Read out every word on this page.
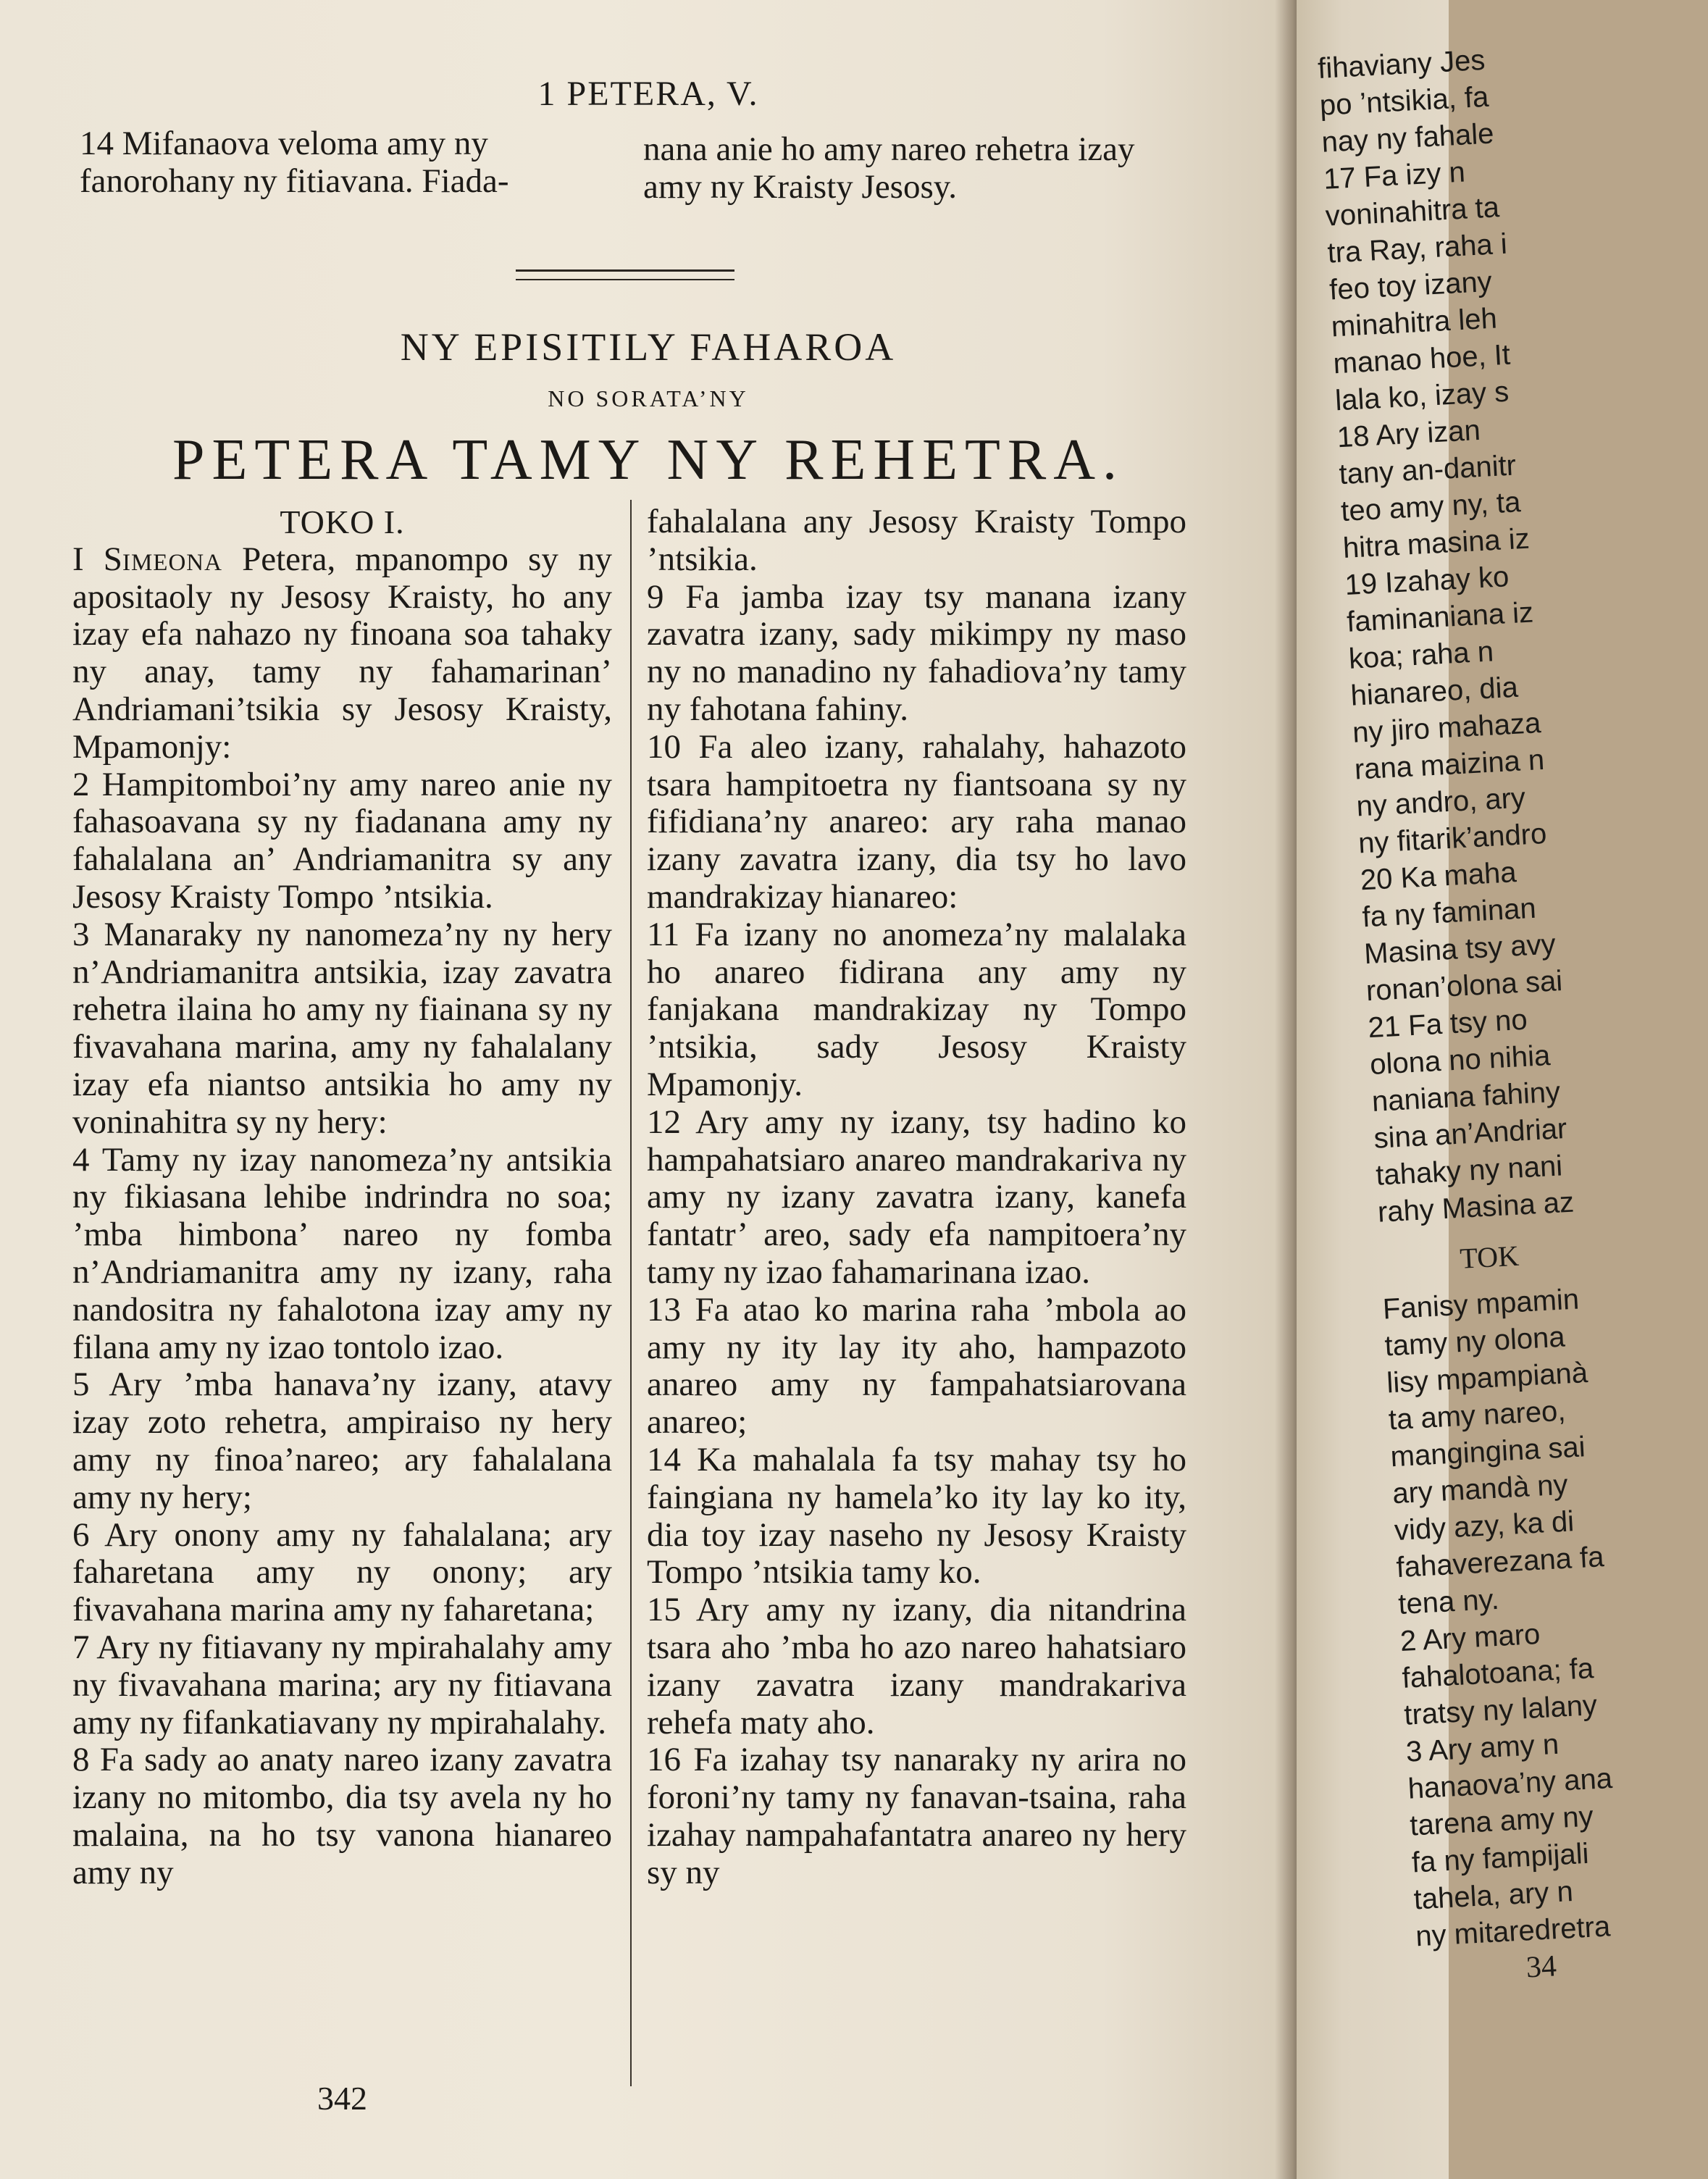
1 PETERA, V.
14 Mifanaova veloma amy ny fanorohany ny fitiavana. Fiada-
nana anie ho amy nareo rehetra izay amy ny Kraisty Jesosy.
NY EPISITILY FAHAROA
NO SORATA’NY
PETERA TAMY NY REHETRA.
TOKO I.

I Simeona Petera, mpanompo sy ny apositaoly ny Jesosy Kraisty, ho any izay efa nahazo ny finoana soa tahaky ny anay, tamy ny fahamarinan’ Andriamani’tsikia sy Jesosy Kraisty, Mpamonjy:

2 Hampitomboi’ny amy nareo anie ny fahasoavana sy ny fiadanana amy ny fahalalana an’ Andriamanitra sy any Jesosy Kraisty Tompo ’ntsikia.

3 Manaraky ny nanomeza’ny ny hery n’Andriamanitra antsikia, izay zavatra rehetra ilaina ho amy ny fiainana sy ny fivavahana marina, amy ny fahalalany izay efa niantso antsikia ho amy ny voninahitra sy ny hery:

4 Tamy ny izay nanomeza’ny antsikia ny fikiasana lehibe indrindra no soa; ’mba himbona’ nareo ny fomba n’Andriamanitra amy ny izany, raha nandositra ny fahalotona izay amy ny filana amy ny izao tontolo izao.

5 Ary ’mba hanava’ny izany, atavy izay zoto rehetra, ampiraiso ny hery amy ny finoa’nareo; ary fahalalana amy ny hery;

6 Ary onony amy ny fahalalana; ary faharetana amy ny onony; ary fivavahana marina amy ny faharetana;

7 Ary ny fitiavany ny mpirahalahy amy ny fivavahana marina; ary ny fitiavana amy ny fifankatiavany ny mpirahalahy.

8 Fa sady ao anaty nareo izany zavatra izany no mitombo, dia tsy avela ny ho malaina, na ho tsy vanona hianareo amy ny

fahalalana any Jesosy Kraisty Tompo ’ntsikia.

9 Fa jamba izay tsy manana izany zavatra izany, sady mikimpy ny maso ny no manadino ny fahadiova’ny tamy ny fahotana fahiny.

10 Fa aleo izany, rahalahy, hahazoto tsara hampitoetra ny fiantsoana sy ny fifidiana’ny anareo: ary raha manao izany zavatra izany, dia tsy ho lavo mandrakizay hianareo:

11 Fa izany no anomeza’ny malalaka ho anareo fidirana any amy ny fanjakana mandrakizay ny Tompo ’ntsikia, sady Jesosy Kraisty Mpamonjy.

12 Ary amy ny izany, tsy hadino ko hampahatsiaro anareo mandrakariva ny amy ny izany zavatra izany, kanefa fantatr’ areo, sady efa nampitoera’ny tamy ny izao fahamarinana izao.

13 Fa atao ko marina raha ’mbola ao amy ny ity lay ity aho, hampazoto anareo amy ny fampahatsiarovana anareo;

14 Ka mahalala fa tsy mahay tsy ho faingiana ny hamela’ko ity lay ko ity, dia toy izay naseho ny Jesosy Kraisty Tompo ’ntsikia tamy ko.

15 Ary amy ny izany, dia nitandrina tsara aho ’mba ho azo nareo hahatsiaro izany zavatra izany mandrakariva rehefa maty aho.

16 Fa izahay tsy nanaraky ny arira no foroni’ny tamy ny fanavan-tsaina, raha izahay nampahafantatra anareo ny hery sy ny

342
fihaviany Jes
po ’ntsikia, fa
nay ny fahale
17 Fa izy n
voninahitra ta
tra Ray, raha i
feo toy izany
minahitra leh
manao hoe, It
lala ko, izay s
18 Ary izan
tany an-danitr
teo amy ny, ta
hitra masina iz
19 Izahay ko
faminaniana iz
koa; raha n
hianareo, dia
ny jiro mahaza
rana maizina n
ny andro, ary
ny fitarik’andro
20 Ka maha
fa ny faminan
Masina tsy avy
ronan’olona sai
21 Fa tsy no
olona no nihia
naniana fahiny
sina an’Andriar
tahaky ny nani
rahy Masina az
TOK
Fanisy mpamin
tamy ny olona
lisy mpampianà
ta amy nareo,
mangingina sai
ary mandà ny
vidy azy, ka di
fahaverezana fa
tena ny.
2 Ary maro
fahalotoana; fa
tratsy ny lalany
3 Ary amy n
hanaova’ny ana
tarena amy ny
fa ny fampijali
tahela, ary n
ny mitaredretra
34
